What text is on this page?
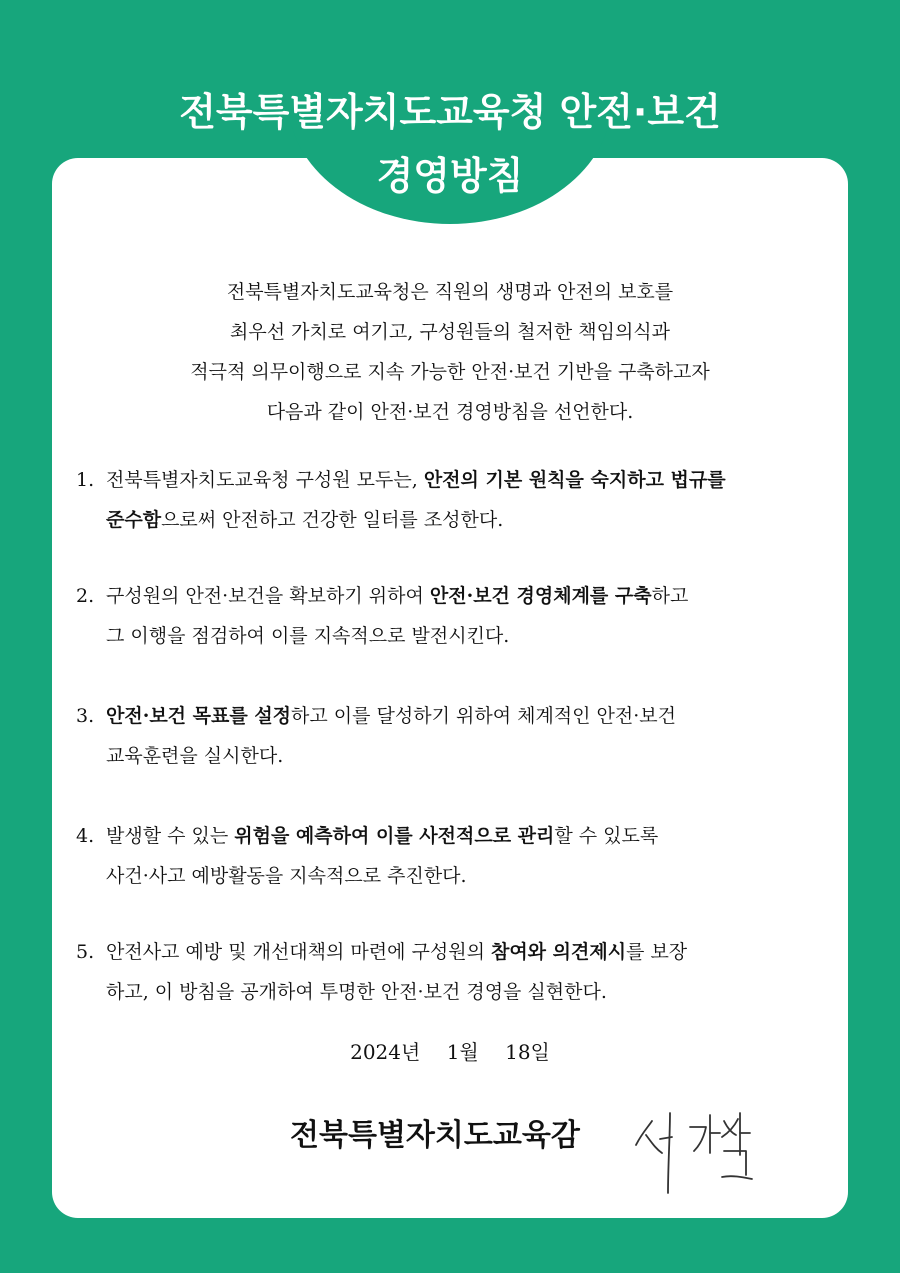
전북특별자치도교육청 안전·보건
경영방침
전북특별자치도교육청은 직원의 생명과 안전의 보호를
최우선 가치로 여기고, 구성원들의 철저한 책임의식과
적극적 의무이행으로 지속 가능한 안전·보건 기반을 구축하고자
다음과 같이 안전·보건 경영방침을 선언한다.
1. 전북특별자치도교육청 구성원 모두는, 안전의 기본 원칙을 숙지하고 법규를
준수함으로써 안전하고 건강한 일터를 조성한다.
2. 구성원의 안전·보건을 확보하기 위하여 안전·보건 경영체계를 구축하고
그 이행을 점검하여 이를 지속적으로 발전시킨다.
3. 안전·보건 목표를 설정하고 이를 달성하기 위하여 체계적인 안전·보건
교육훈련을 실시한다.
4. 발생할 수 있는 위험을 예측하여 이를 사전적으로 관리할 수 있도록
사건·사고 예방활동을 지속적으로 추진한다.
5. 안전사고 예방 및 개선대책의 마련에 구성원의 참여와 의견제시를 보장
하고, 이 방침을 공개하여 투명한 안전·보건 경영을 실현한다.
2024년 1월 18일
전북특별자치도교육감
